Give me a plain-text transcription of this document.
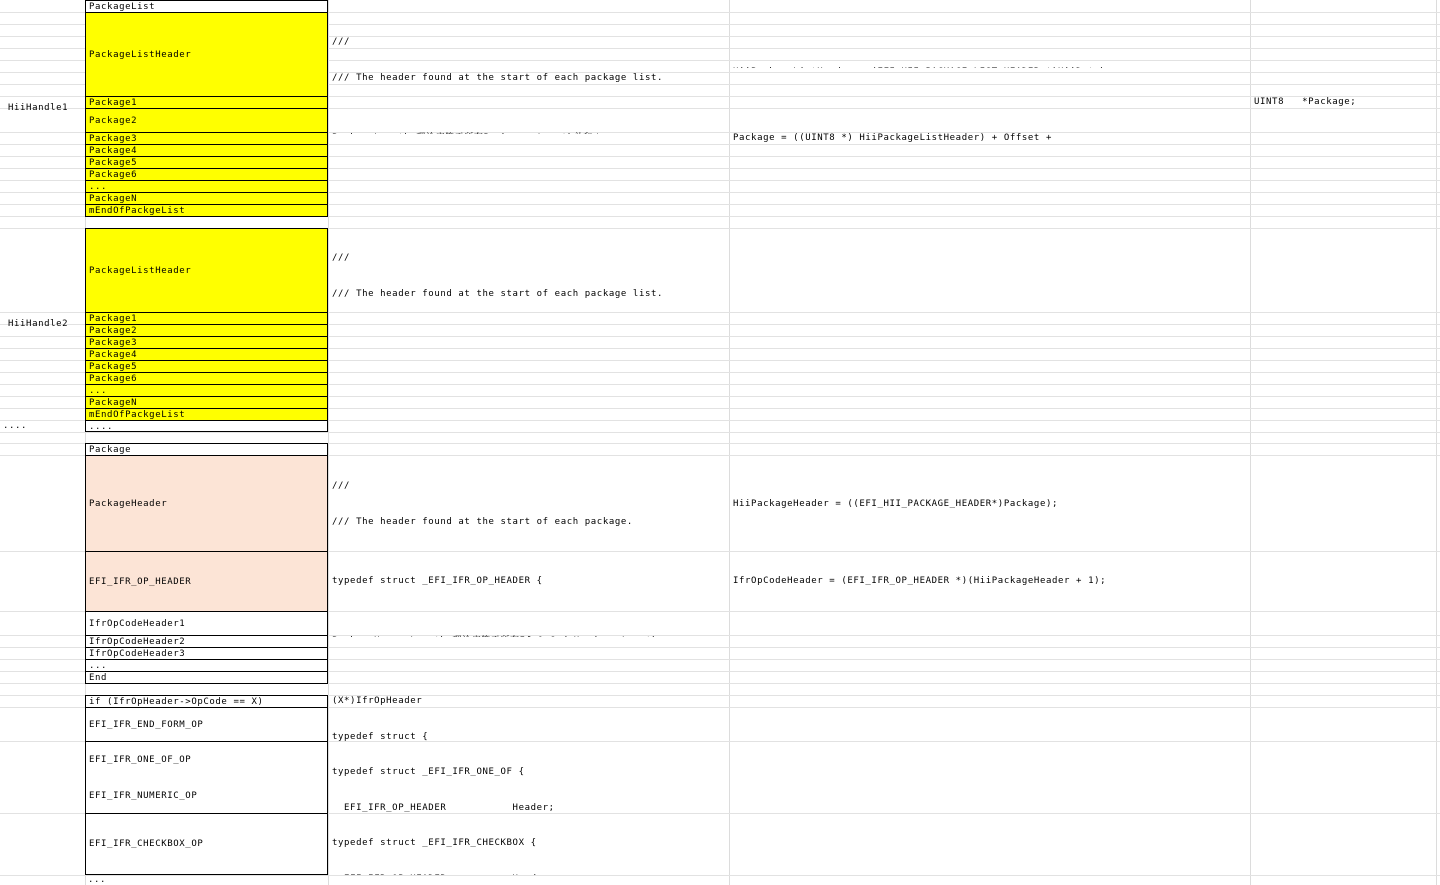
HiiHandle1
HiiHandle2
....
PackageList
PackageListHeader
Package1
Package2
Package3
Package4
Package5
Package6
...
PackageN
mEndOfPackgeList

///

/// The header found at the start of each package list.

Package = ((UINT8 *) HiiPackageListHeader) + Offset +

UINT8   *Package;
PackageListHeader
Package1
Package2
Package3
Package4
Package5
Package6
...
PackageN
mEndOfPackgeList
....

///

/// The header found at the start of each package list.

Package
PackageHeader
EFI_IFR_OP_HEADER
IfrOpCodeHeader1
IfrOpCodeHeader2
IfrOpCodeHeader3
...
End

///

/// The header found at the start of each package.

typedef struct _EFI_IFR_OP_HEADER {

HiiPackageHeader = ((EFI_HII_PACKAGE_HEADER*)Package);
IfrOpCodeHeader = (EFI_IFR_OP_HEADER *)(HiiPackageHeader + 1);
if (IfrOpHeader->OpCode == X)
EFI_IFR_END_FORM_OP

EFI_IFR_ONE_OF_OP

EFI_IFR_NUMERIC_OP

EFI_IFR_CHECKBOX_OP
...
(X*)IfrOpHeader

typedef struct {

typedef struct _EFI_IFR_ONE_OF {

EFI_IFR_OP_HEADER           Header;

typedef struct _EFI_IFR_CHECKBOX {
